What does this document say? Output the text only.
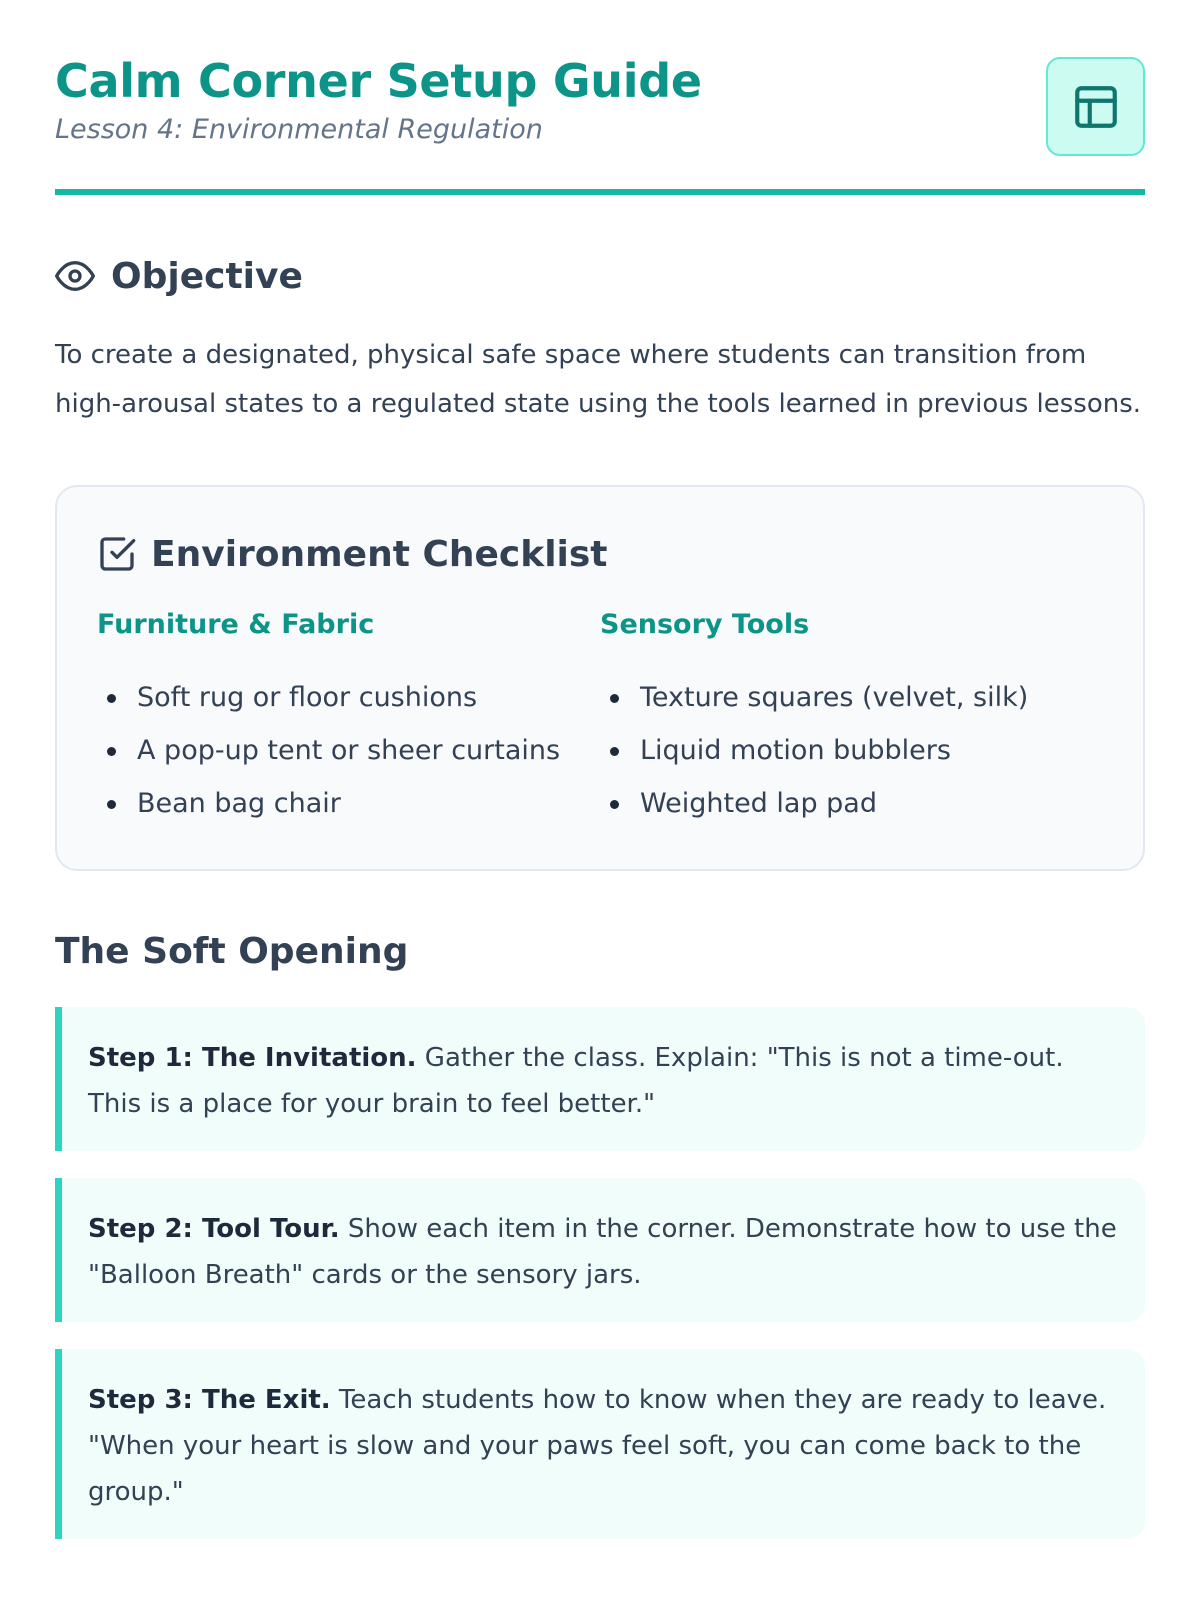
Calm Corner Setup Guide
Lesson 4: Environmental Regulation
Objective

To create a designated, physical safe space where students can transition from high-arousal states to a regulated state using the tools learned in previous lessons.

Environment Checklist
Furniture & Fabric
Soft rug or floor cushions
A pop-up tent or sheer curtains
Bean bag chair
Sensory Tools
Texture squares (velvet, silk)
Liquid motion bubblers
Weighted lap pad
The Soft Opening
Step 1: The Invitation. Gather the class. Explain: "This is not a time-out. This is a place for your brain to feel better."
Step 2: Tool Tour. Show each item in the corner. Demonstrate how to use the "Balloon Breath" cards or the sensory jars.
Step 3: The Exit. Teach students how to know when they are ready to leave. "When your heart is slow and your paws feel soft, you can come back to the group."
